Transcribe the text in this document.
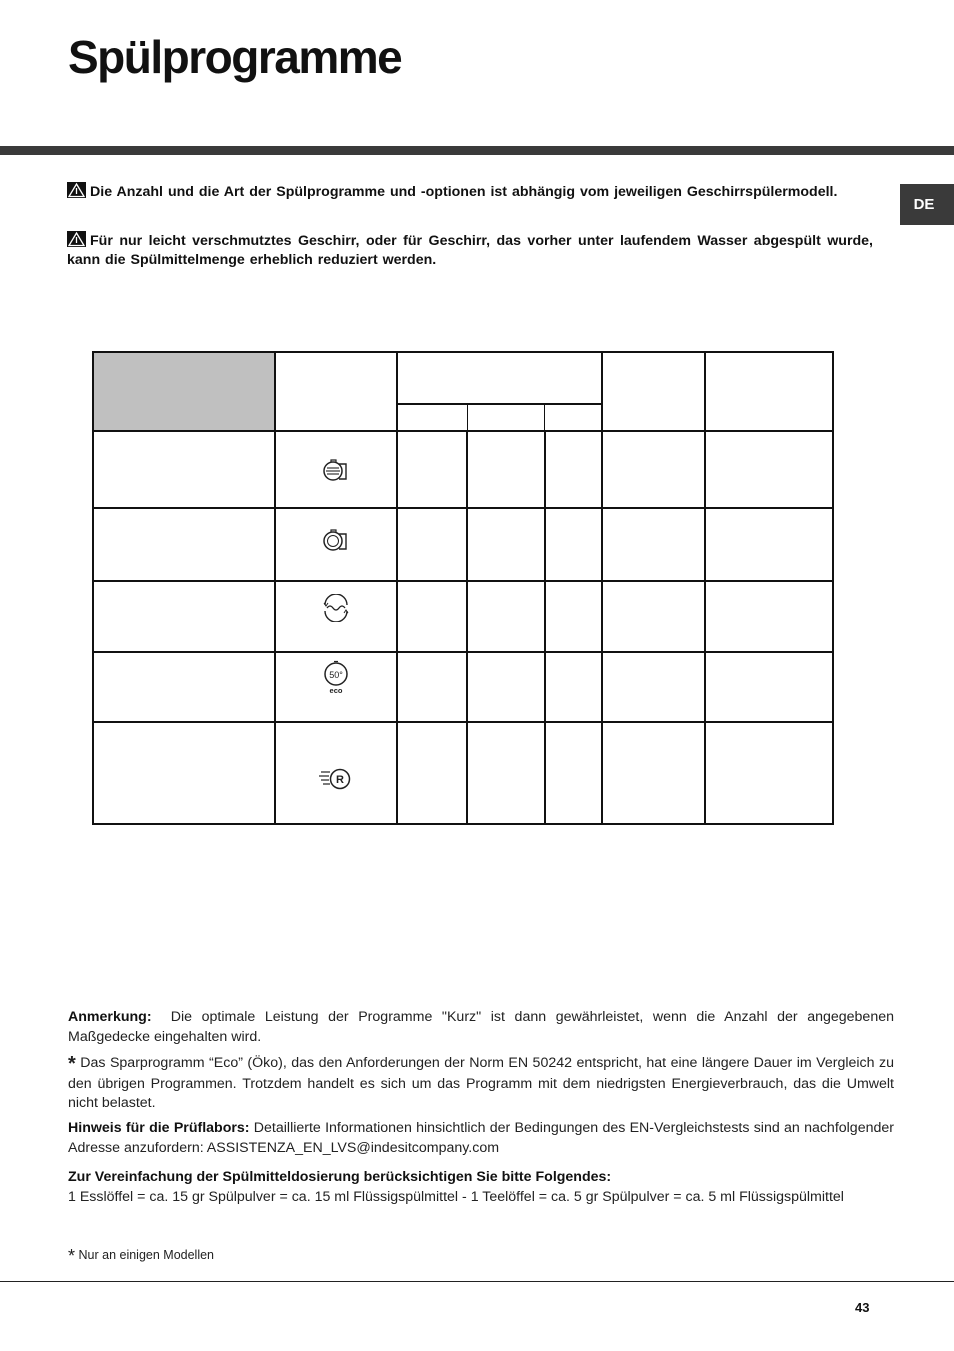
Spülprogramme
DE
Die Anzahl und die Art der Spülprogramme und -optionen ist abhängig vom jeweiligen Geschirrspülermodell.
Für nur leicht verschmutztes Geschirr, oder für Geschirr, das vorher unter laufendem Wasser abgespült wurde, kann die Spülmittelmenge erheblich reduziert werden.

50°
eco					

R					

Anmerkung: Die optimale Leistung der Programme "Kurz" ist dann gewährleistet, wenn die Anzahl der angegebenen Maßgedecke eingehalten wird.

* Das Sparprogramm “Eco” (Öko), das den Anforderungen der Norm EN 50242 entspricht, hat eine längere Dauer im Vergleich zu den übrigen Programmen. Trotzdem handelt es sich um das Programm mit dem niedrigsten Energieverbrauch, das die Umwelt nicht belastet.

Hinweis für die Prüflabors: Detaillierte Informationen hinsichtlich der Bedingungen des EN-Vergleichstests sind an nachfolgender Adresse anzufordern: ASSISTENZA_EN_LVS@indesitcompany.com

Zur Vereinfachung der Spülmitteldosierung berücksichtigen Sie bitte Folgendes:

1 Esslöffel = ca. 15 gr Spülpulver = ca. 15 ml Flüssigspülmittel - 1 Teelöffel = ca. 5 gr Spülpulver = ca. 5 ml Flüssigspülmittel

* Nur an einigen Modellen
43
